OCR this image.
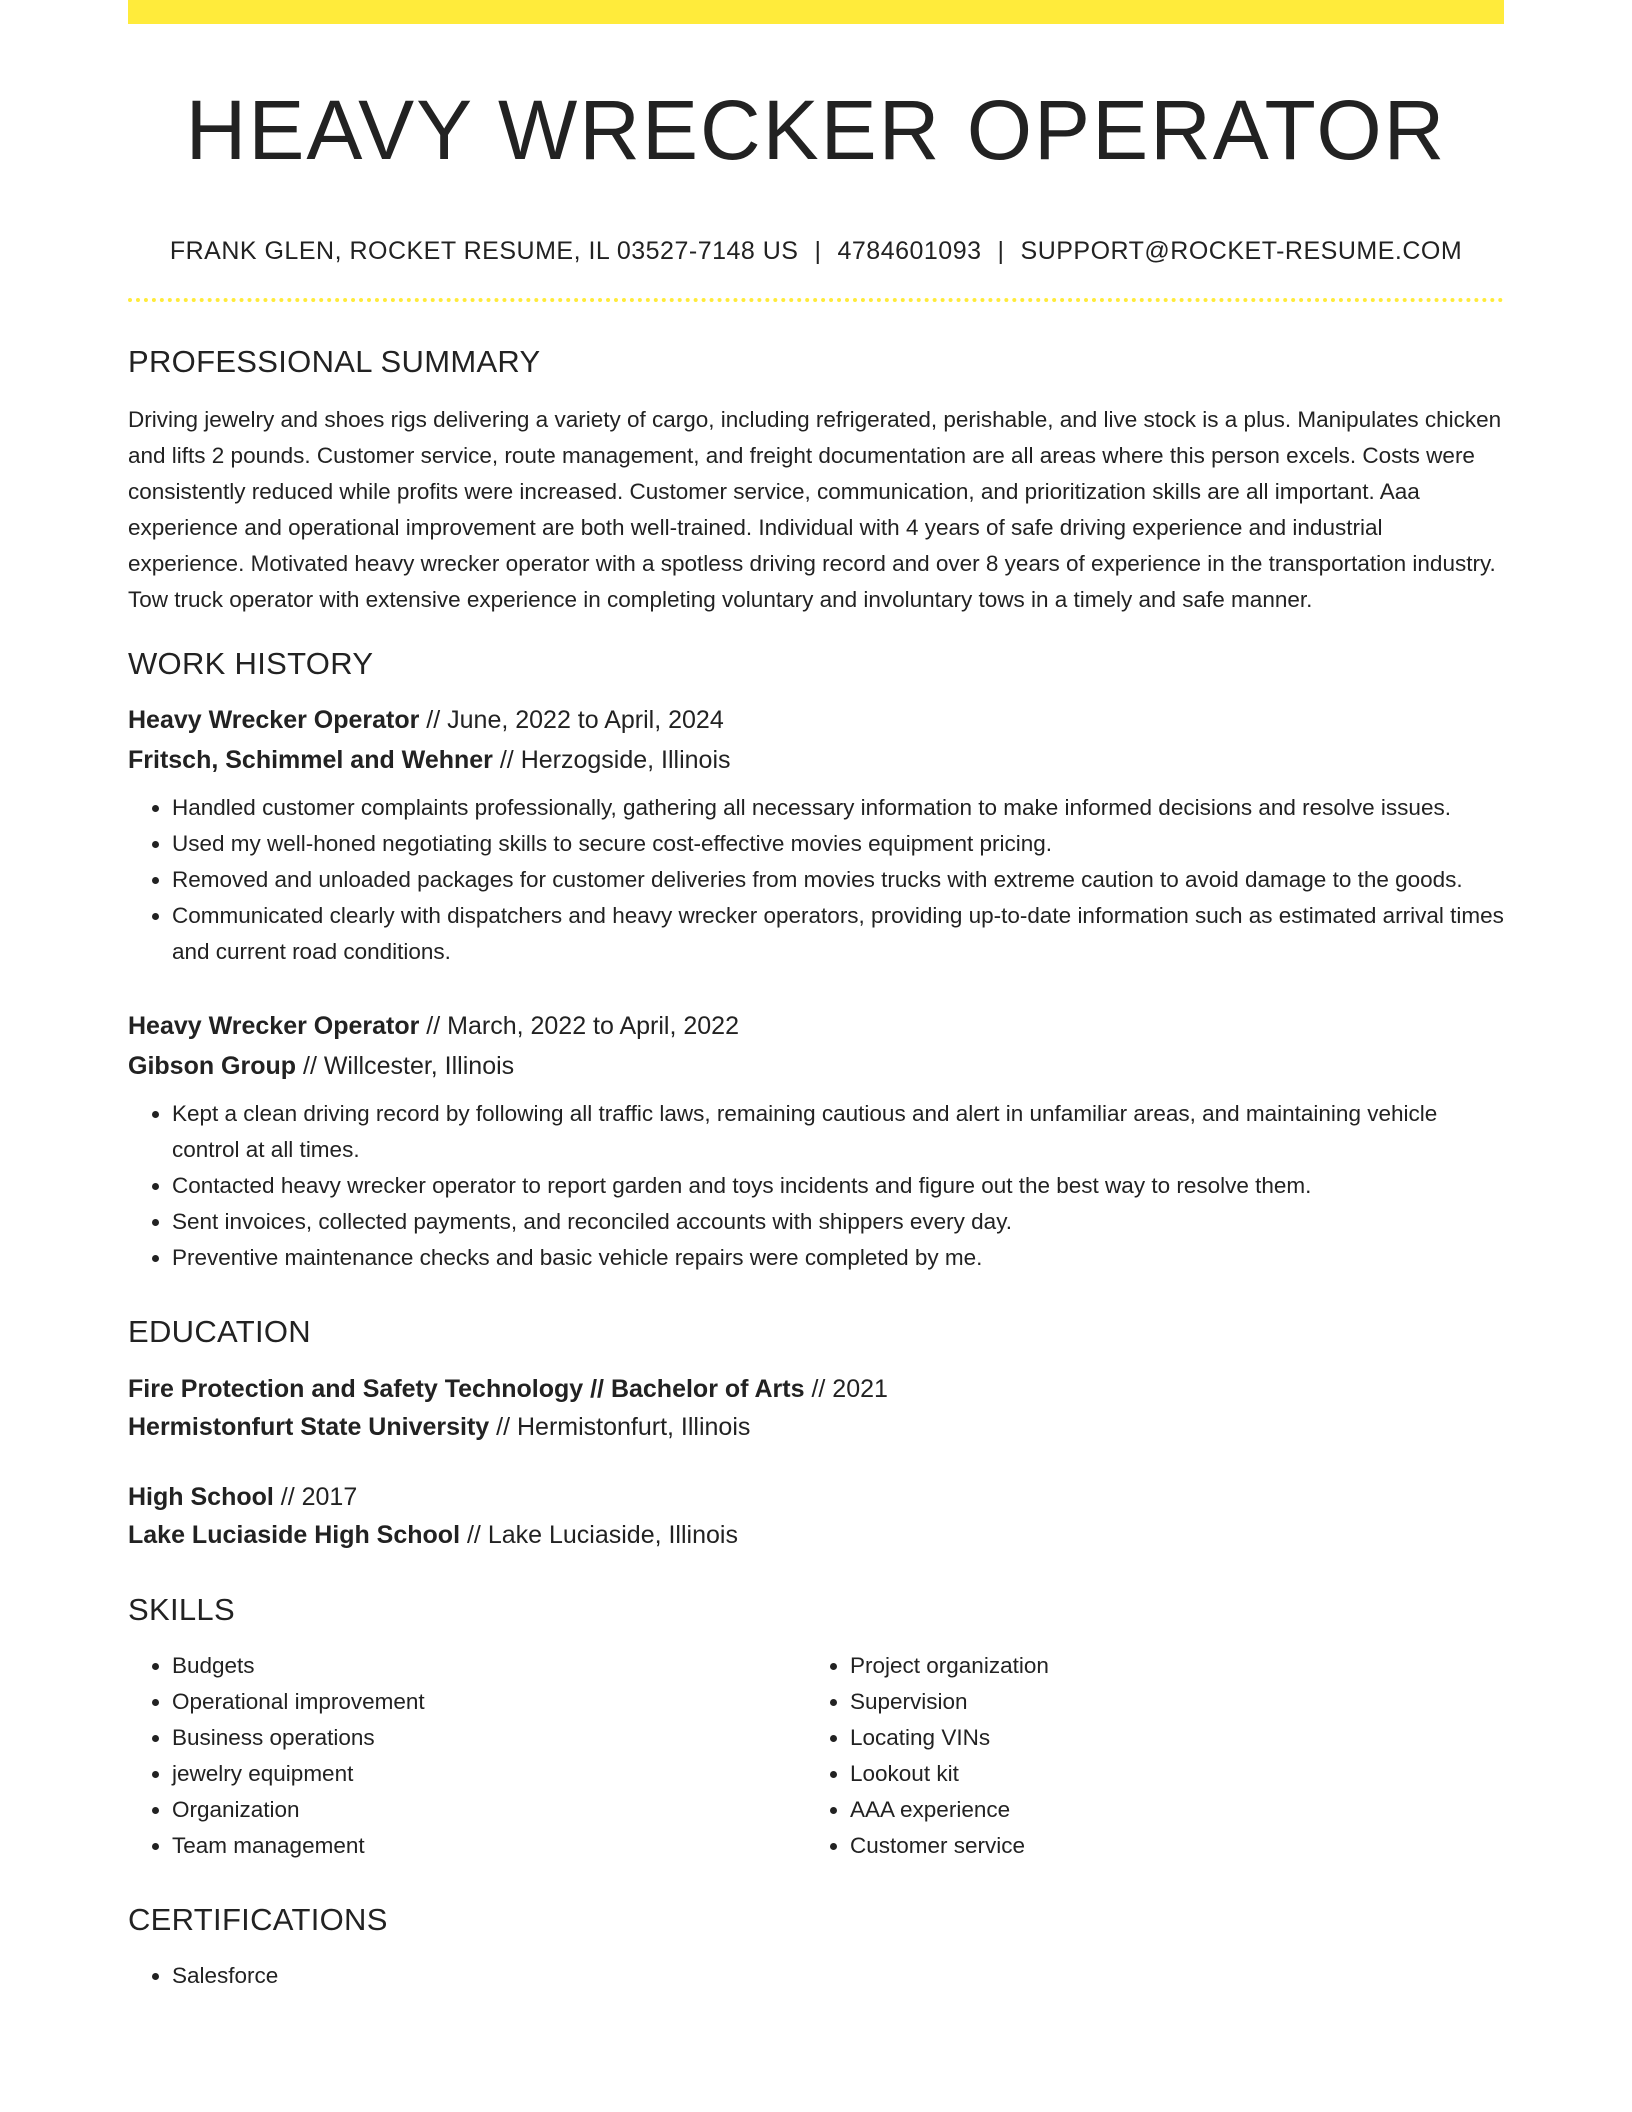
HEAVY WRECKER OPERATOR
FRANK GLEN, ROCKET RESUME, IL 03527-7148 US | 4784601093 | SUPPORT@ROCKET-RESUME.COM
PROFESSIONAL SUMMARY
Driving jewelry and shoes rigs delivering a variety of cargo, including refrigerated, perishable, and live stock is a plus. Manipulates chicken and lifts 2 pounds. Customer service, route management, and freight documentation are all areas where this person excels. Costs were consistently reduced while profits were increased. Customer service, communication, and prioritization skills are all important. Aaa experience and operational improvement are both well-trained. Individual with 4 years of safe driving experience and industrial experience. Motivated heavy wrecker operator with a spotless driving record and over 8 years of experience in the transportation industry. Tow truck operator with extensive experience in completing voluntary and involuntary tows in a timely and safe manner.
WORK HISTORY
Heavy Wrecker Operator // June, 2022 to April, 2024
Fritsch, Schimmel and Wehner // Herzogside, Illinois
• Handled customer complaints professionally, gathering all necessary information to make informed decisions and resolve issues.
• Used my well-honed negotiating skills to secure cost-effective movies equipment pricing.
• Removed and unloaded packages for customer deliveries from movies trucks with extreme caution to avoid damage to the goods.
• Communicated clearly with dispatchers and heavy wrecker operators, providing up-to-date information such as estimated arrival times and current road conditions.
Heavy Wrecker Operator // March, 2022 to April, 2022
Gibson Group // Willcester, Illinois
• Kept a clean driving record by following all traffic laws, remaining cautious and alert in unfamiliar areas, and maintaining vehicle control at all times.
• Contacted heavy wrecker operator to report garden and toys incidents and figure out the best way to resolve them.
• Sent invoices, collected payments, and reconciled accounts with shippers every day.
• Preventive maintenance checks and basic vehicle repairs were completed by me.
EDUCATION
Fire Protection and Safety Technology // Bachelor of Arts // 2021
Hermistonfurt State University // Hermistonfurt, Illinois
High School // 2017
Lake Luciaside High School // Lake Luciaside, Illinois
SKILLS
• Budgets
• Operational improvement
• Business operations
• jewelry equipment
• Organization
• Team management
• Project organization
• Supervision
• Locating VINs
• Lookout kit
• AAA experience
• Customer service
CERTIFICATIONS
• Salesforce
